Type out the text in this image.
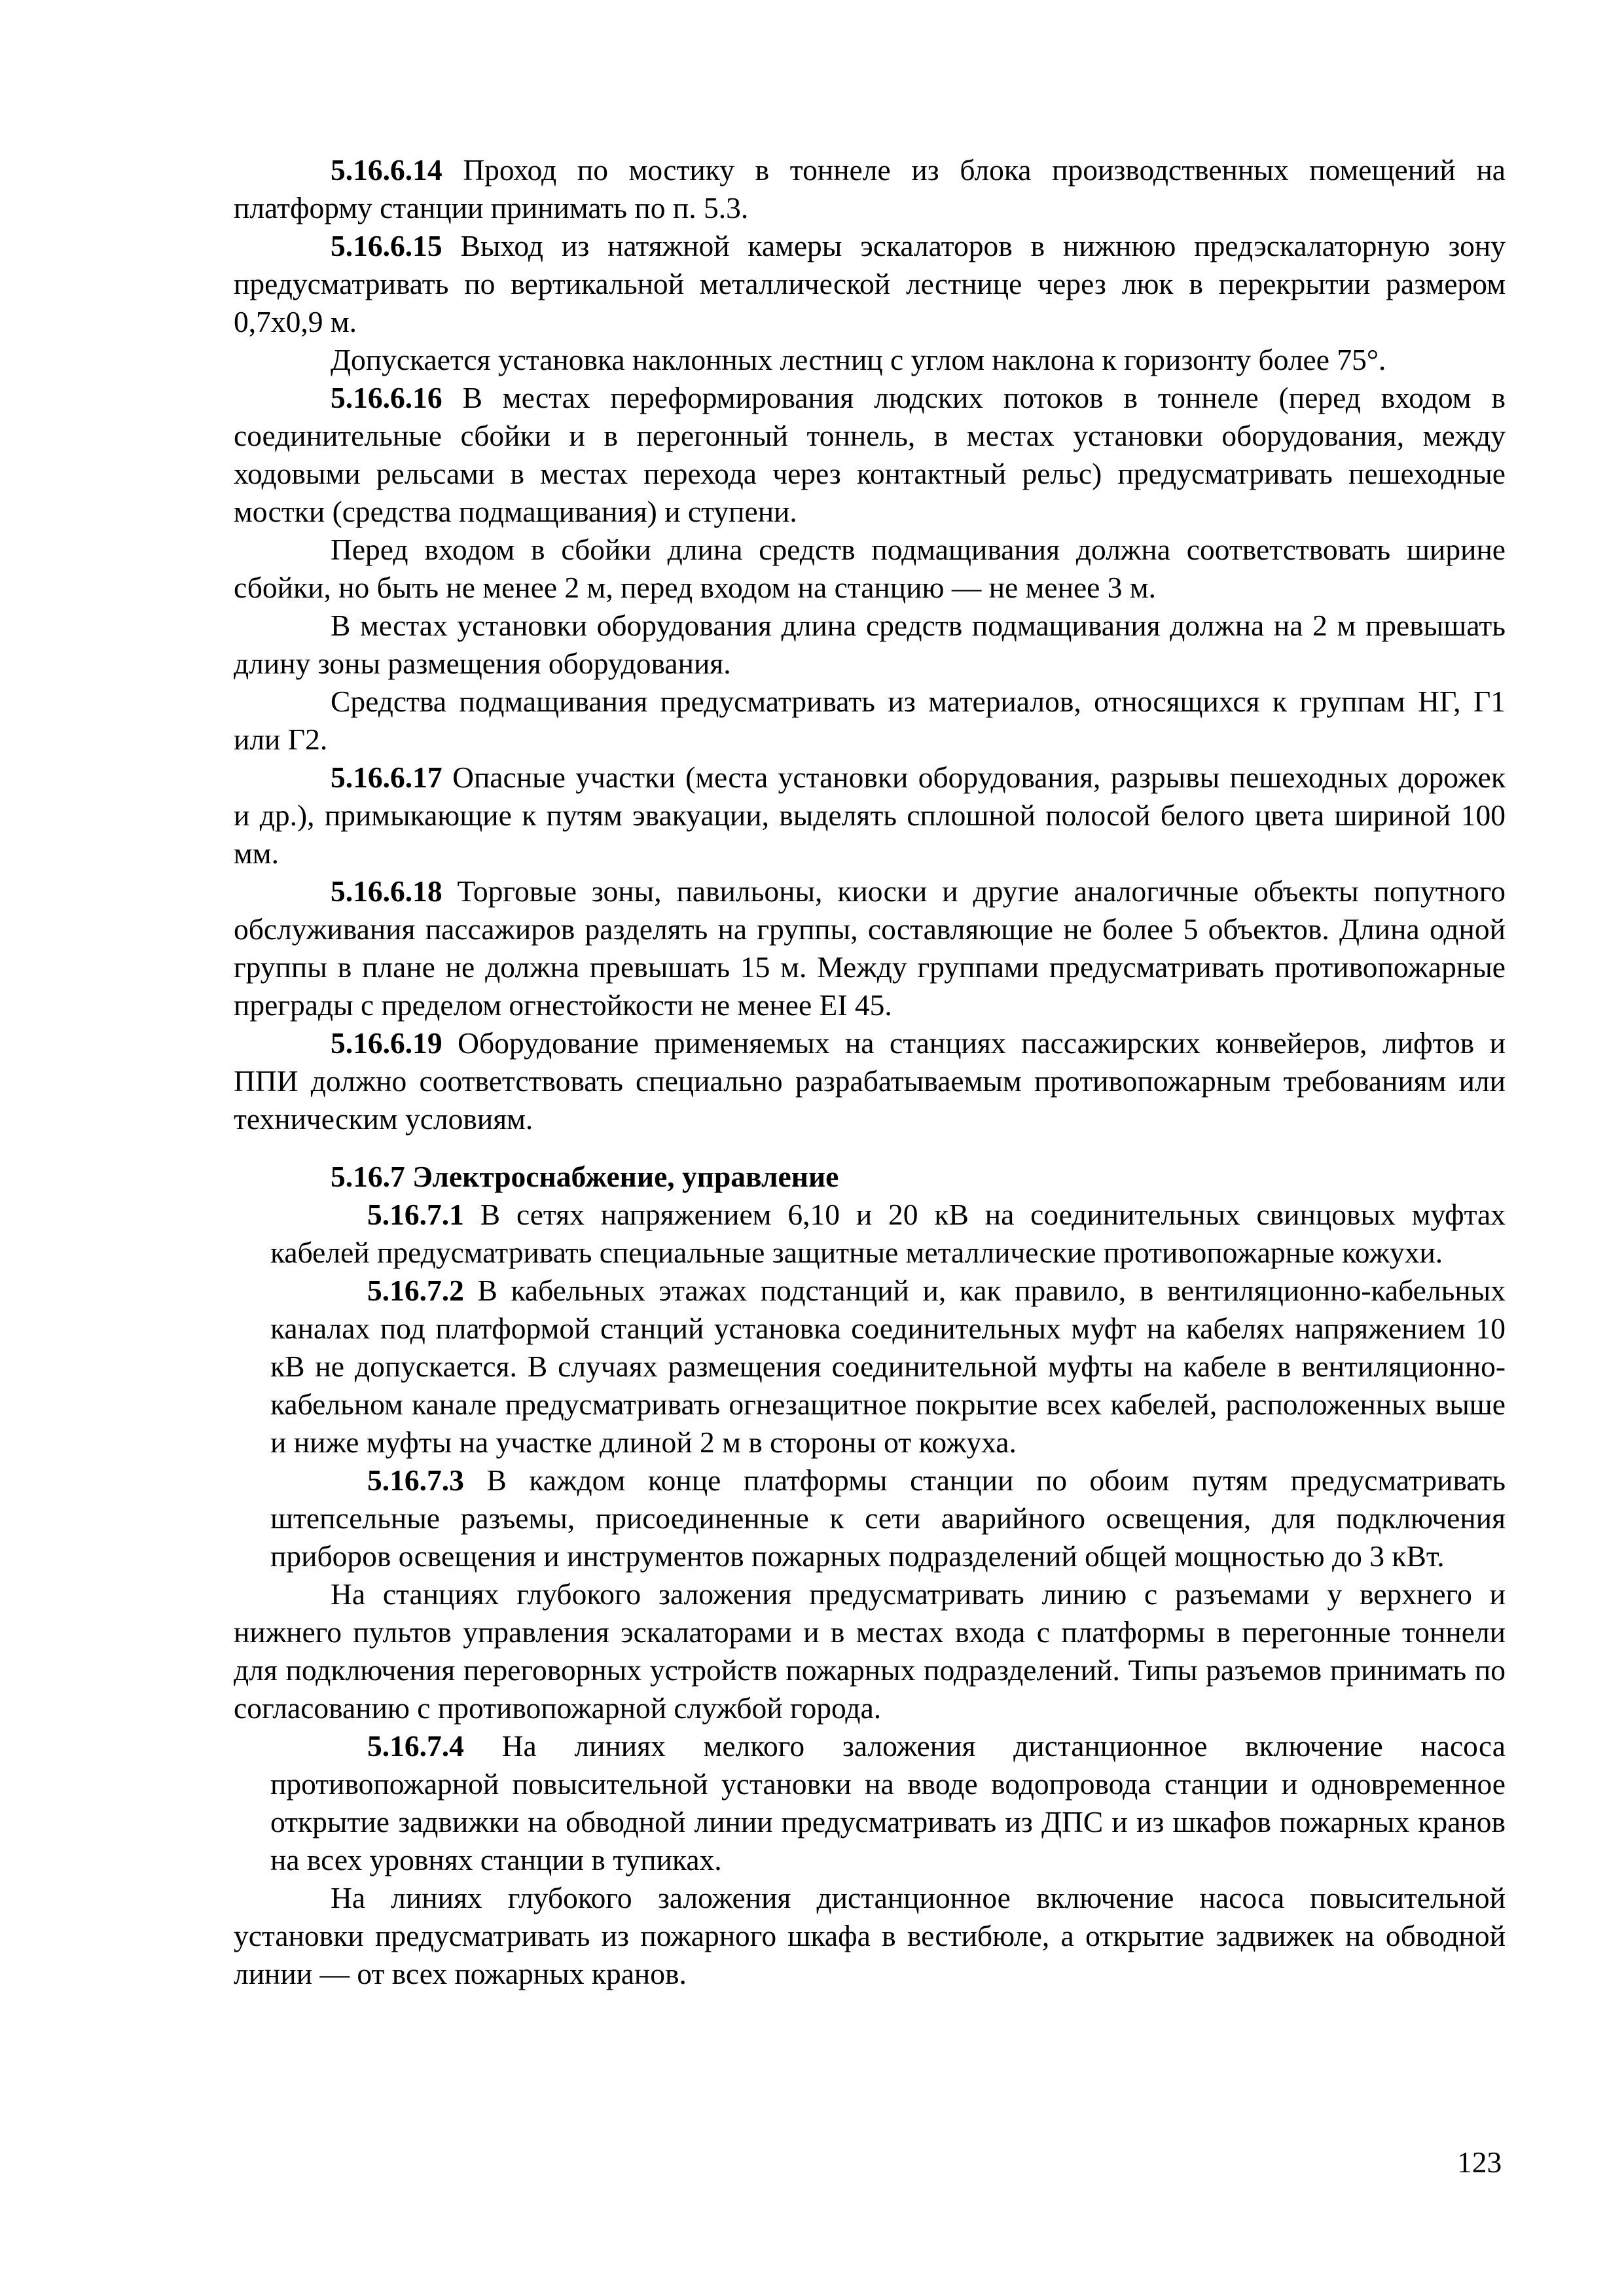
5.16.6.14 Проход по мостику в тоннеле из блока производственных помещений на платформу станции принимать по п. 5.3.

5.16.6.15 Выход из натяжной камеры эскалаторов в нижнюю предэскалаторную зону предусматривать по вертикальной металлической лестнице через люк в перекрытии размером 0,7х0,9 м.

Допускается установка наклонных лестниц с углом наклона к горизонту более 75°.

5.16.6.16 В местах переформирования людских потоков в тоннеле (перед входом в соединительные сбойки и в перегонный тоннель, в местах установки оборудования, между ходовыми рельсами в местах перехода через контактный рельс) предусматривать пешеходные мостки (средства подмащивания) и ступени.

Перед входом в сбойки длина средств подмащивания должна соответствовать ширине сбойки, но быть не менее 2 м, перед входом на станцию — не менее 3 м.

В местах установки оборудования длина средств подмащивания должна на 2 м превышать длину зоны размещения оборудования.

Средства подмащивания предусматривать из материалов, относящихся к группам НГ, Г1 или Г2.

5.16.6.17 Опасные участки (места установки оборудования, разрывы пешеходных дорожек и др.), примыкающие к путям эвакуации, выделять сплошной полосой белого цвета шириной 100 мм.

5.16.6.18 Торговые зоны, павильоны, киоски и другие аналогичные объекты попутного обслуживания пассажиров разделять на группы, составляющие не более 5 объектов. Длина одной группы в плане не должна превышать 15 м. Между группами предусматривать противопожарные преграды с пределом огнестойкости не менее EI 45.

5.16.6.19 Оборудование применяемых на станциях пассажирских конвейеров, лифтов и ППИ должно соответствовать специально разрабатываемым противопожарным требованиям или техническим условиям.

5.16.7 Электроснабжение, управление

5.16.7.1 В сетях напряжением 6,10 и 20 кВ на соединительных свинцовых муфтах кабелей предусматривать специальные защитные металлические противопожарные кожухи.

5.16.7.2 В кабельных этажах подстанций и, как правило, в вентиляционно-кабельных каналах под платформой станций установка соединительных муфт на кабелях напряжением 10 кВ не допускается. В случаях размещения соединительной муфты на кабеле в вентиляционно-кабельном канале предусматривать огнезащитное покрытие всех кабелей, расположенных выше и ниже муфты на участке длиной 2 м в стороны от кожуха.

5.16.7.3 В каждом конце платформы станции по обоим путям предусматривать штепсельные разъемы, присоединенные к сети аварийного освещения, для подключения приборов освещения и инструментов пожарных подразделений общей мощностью до 3 кВт.

На станциях глубокого заложения предусматривать линию с разъемами у верхнего и нижнего пультов управления эскалаторами и в местах входа с платформы в перегонные тоннели для подключения переговорных устройств пожарных подразделений. Типы разъемов принимать по согласованию с противопожарной службой города.

5.16.7.4 На линиях мелкого заложения дистанционное включение насоса противопожарной повысительной установки на вводе водопровода станции и одновременное открытие задвижки на обводной линии предусматривать из ДПС и из шкафов пожарных кранов на всех уровнях станции в тупиках.

На линиях глубокого заложения дистанционное включение насоса повысительной установки предусматривать из пожарного шкафа в вестибюле, а открытие задвижек на обводной линии — от всех пожарных кранов.

123
